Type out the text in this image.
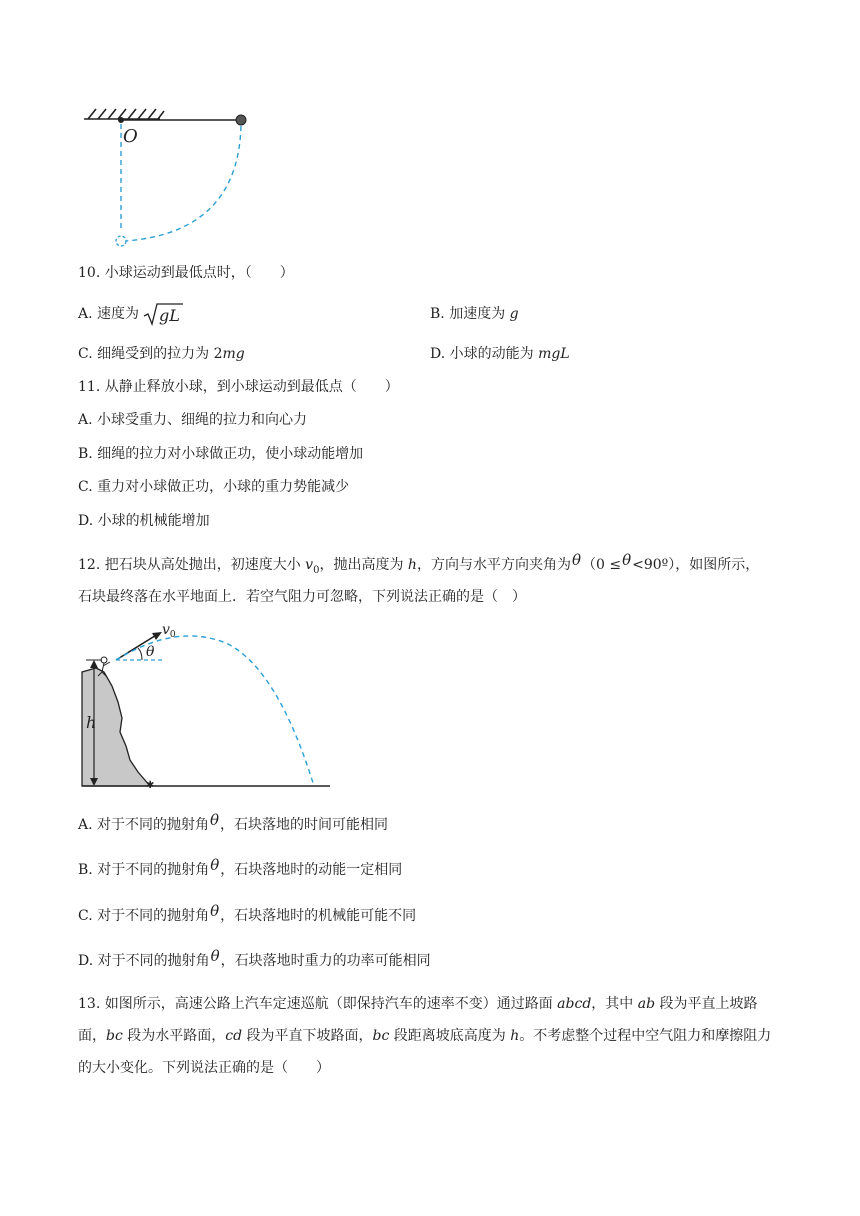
O
10. 小球运动到最低点时，（　　）
A. 速度为 gL	B. 加速度为 g
C. 细绳受到的拉力为 2mg	D. 小球的动能为 mgL
11. 从静止释放小球，到小球运动到最低点（　　）
A. 小球受重力、细绳的拉力和向心力
B. 细绳的拉力对小球做正功，使小球动能增加
C. 重力对小球做正功，小球的重力势能减少
D. 小球的机械能增加
12. 把石块从高处抛出，初速度大小 $v_0$，抛出高度为 h，方向与水平方向夹角为θ（0 ≤θ<90º），如图所示，
石块最终落在水平地面上．若空气阻力可忽略，下列说法正确的是（　）
h
$v_0$
θ
✱
A. 对于不同的抛射角θ，石块落地的时间可能相同
B. 对于不同的抛射角θ，石块落地时的动能一定相同
C. 对于不同的抛射角θ，石块落地时的机械能可能不同
D. 对于不同的抛射角θ，石块落地时重力的功率可能相同
13. 如图所示，高速公路上汽车定速巡航（即保持汽车的速率不变）通过路面 abcd，其中 ab 段为平直上坡路面，bc 段为水平路面，cd 段为平直下坡路面，bc 段距离坡底高度为 h。不考虑整个过程中空气阻力和摩擦阻力的大小变化。下列说法正确的是（　　）
